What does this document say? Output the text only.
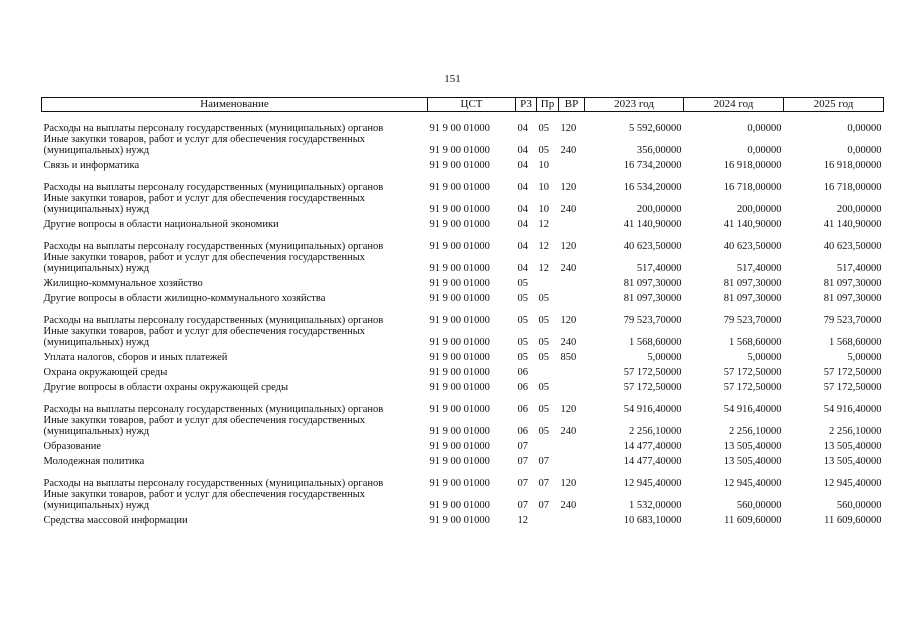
151
Наименование	ЦСТ	РЗ	Пр	ВР	2023 год	2024 год	2025 год
Расходы на выплаты персоналу государственных (муниципальных) органов	91 9 00 01000	04	05	120	5 592,60000	0,00000	0,00000
Иные закупки товаров, работ и услуг для обеспечения государственных (муниципальных) нужд	91 9 00 01000	04	05	240	356,00000	0,00000	0,00000
Связь и информатика	91 9 00 01000	04	10		16 734,20000	16 918,00000	16 918,00000
Расходы на выплаты персоналу государственных (муниципальных) органов	91 9 00 01000	04	10	120	16 534,20000	16 718,00000	16 718,00000
Иные закупки товаров, работ и услуг для обеспечения государственных (муниципальных) нужд	91 9 00 01000	04	10	240	200,00000	200,00000	200,00000
Другие вопросы в области национальной экономики	91 9 00 01000	04	12		41 140,90000	41 140,90000	41 140,90000
Расходы на выплаты персоналу государственных (муниципальных) органов	91 9 00 01000	04	12	120	40 623,50000	40 623,50000	40 623,50000
Иные закупки товаров, работ и услуг для обеспечения государственных (муниципальных) нужд	91 9 00 01000	04	12	240	517,40000	517,40000	517,40000
Жилищно-коммунальное хозяйство	91 9 00 01000	05			81 097,30000	81 097,30000	81 097,30000
Другие вопросы в области жилищно-коммунального хозяйства	91 9 00 01000	05	05		81 097,30000	81 097,30000	81 097,30000
Расходы на выплаты персоналу государственных (муниципальных) органов	91 9 00 01000	05	05	120	79 523,70000	79 523,70000	79 523,70000
Иные закупки товаров, работ и услуг для обеспечения государственных (муниципальных) нужд	91 9 00 01000	05	05	240	1 568,60000	1 568,60000	1 568,60000
Уплата налогов, сборов и иных платежей	91 9 00 01000	05	05	850	5,00000	5,00000	5,00000
Охрана окружающей среды	91 9 00 01000	06			57 172,50000	57 172,50000	57 172,50000
Другие вопросы в области охраны окружающей среды	91 9 00 01000	06	05		57 172,50000	57 172,50000	57 172,50000
Расходы на выплаты персоналу государственных (муниципальных) органов	91 9 00 01000	06	05	120	54 916,40000	54 916,40000	54 916,40000
Иные закупки товаров, работ и услуг для обеспечения государственных (муниципальных) нужд	91 9 00 01000	06	05	240	2 256,10000	2 256,10000	2 256,10000
Образование	91 9 00 01000	07			14 477,40000	13 505,40000	13 505,40000
Молодежная политика	91 9 00 01000	07	07		14 477,40000	13 505,40000	13 505,40000
Расходы на выплаты персоналу государственных (муниципальных) органов	91 9 00 01000	07	07	120	12 945,40000	12 945,40000	12 945,40000
Иные закупки товаров, работ и услуг для обеспечения государственных (муниципальных) нужд	91 9 00 01000	07	07	240	1 532,00000	560,00000	560,00000
Средства массовой информации	91 9 00 01000	12			10 683,10000	11 609,60000	11 609,60000
